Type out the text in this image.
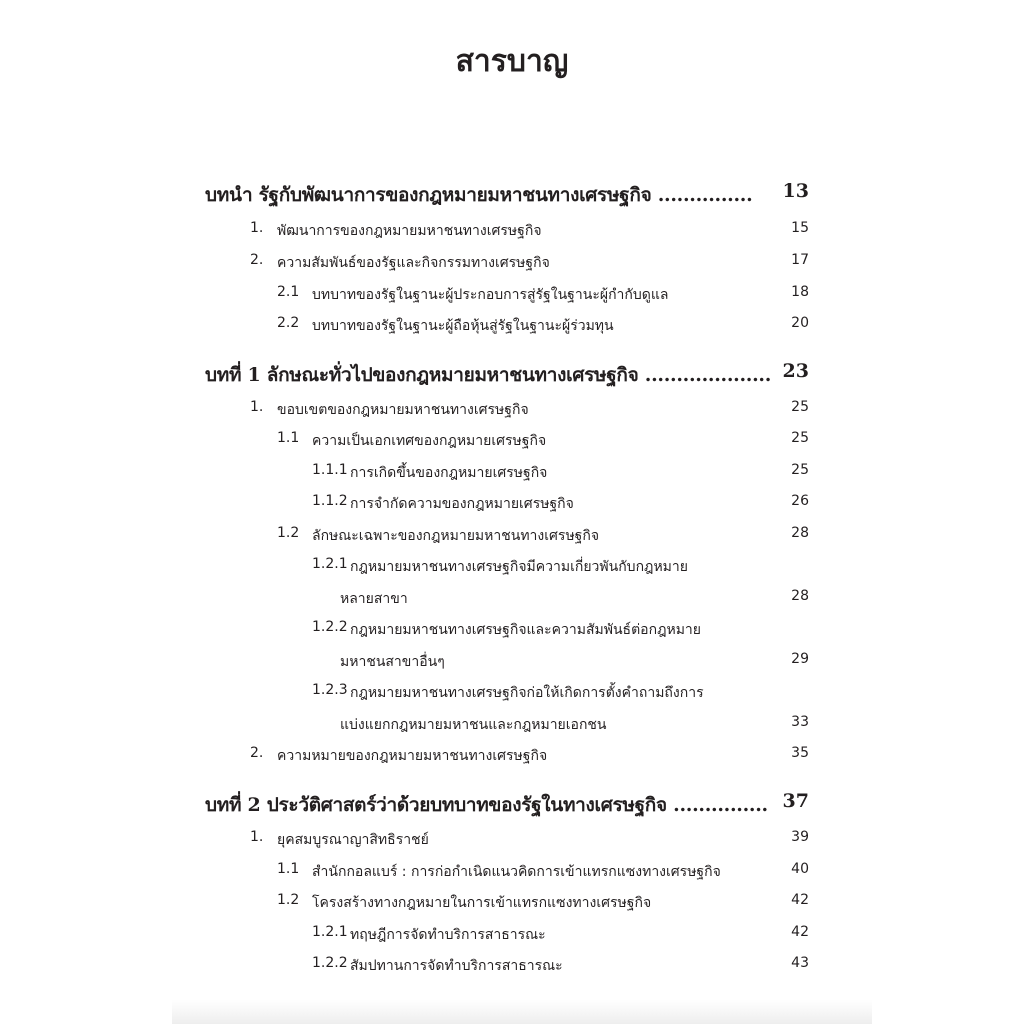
สารบาญ
บทนำ รัฐกับพัฒนาการของกฎหมายมหาชนทางเศรษฐกิจ ............... 13
1. พัฒนาการของกฎหมายมหาชนทางเศรษฐกิจ	15
2. ความสัมพันธ์ของรัฐและกิจกรรมทางเศรษฐกิจ	17
2.1 บทบาทของรัฐในฐานะผู้ประกอบการสู่รัฐในฐานะผู้กำกับดูแล	18
2.2 บทบาทของรัฐในฐานะผู้ถือหุ้นสู่รัฐในฐานะผู้ร่วมทุน	20
บทที่ 1 ลักษณะทั่วไปของกฎหมายมหาชนทางเศรษฐกิจ .................... 23
1. ขอบเขตของกฎหมายมหาชนทางเศรษฐกิจ	25
1.1 ความเป็นเอกเทศของกฎหมายเศรษฐกิจ	25
1.1.1 การเกิดขึ้นของกฎหมายเศรษฐกิจ	25
1.1.2 การจำกัดความของกฎหมายเศรษฐกิจ	26
1.2 ลักษณะเฉพาะของกฎหมายมหาชนทางเศรษฐกิจ	28
1.2.1 กฎหมายมหาชนทางเศรษฐกิจมีความเกี่ยวพันกับกฎหมาย
หลายสาขา	28
1.2.2 กฎหมายมหาชนทางเศรษฐกิจและความสัมพันธ์ต่อกฎหมาย
มหาชนสาขาอื่นๆ	29
1.2.3 กฎหมายมหาชนทางเศรษฐกิจก่อให้เกิดการตั้งคำถามถึงการ
แบ่งแยกกฎหมายมหาชนและกฎหมายเอกชน	33
2. ความหมายของกฎหมายมหาชนทางเศรษฐกิจ	35
บทที่ 2 ประวัติศาสตร์ว่าด้วยบทบาทของรัฐในทางเศรษฐกิจ ............... 37
1. ยุคสมบูรณาญาสิทธิราชย์	39
1.1 สำนักกอลแบร์ : การก่อกำเนิดแนวคิดการเข้าแทรกแซงทางเศรษฐกิจ	40
1.2 โครงสร้างทางกฎหมายในการเข้าแทรกแซงทางเศรษฐกิจ	42
1.2.1 ทฤษฎีการจัดทำบริการสาธารณะ	42
1.2.2 สัมปทานการจัดทำบริการสาธารณะ	43
